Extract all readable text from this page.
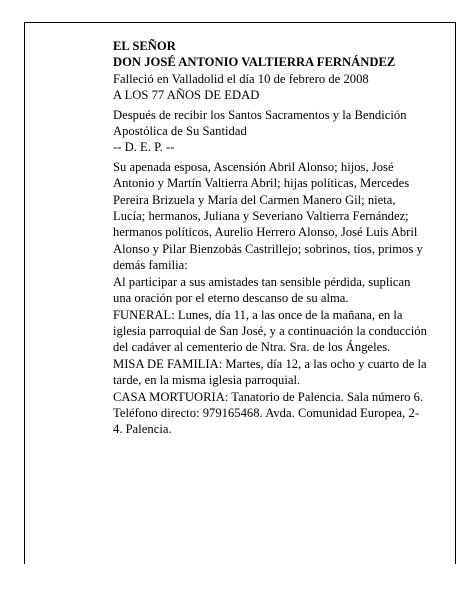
EL SEÑOR

DON JOSÉ ANTONIO VALTIERRA FERNÁNDEZ

Falleció en Valladolid el día 10 de febrero de 2008

A LOS 77 AÑOS DE EDAD

Después de recibir los Santos Sacramentos y la Bendición Apostólica de Su Santidad

-- D. E. P. --

Su apenada esposa, Ascensión Abril Alonso; hijos, José Antonio y Martín Valtierra Abril; hijas políticas, Mercedes Pereira Brizuela y María del Carmen Manero Gil; nieta, Lucía; hermanos, Juliana y Severiano Valtierra Fernández; hermanos políticos, Aurelio Herrero Alonso, José Luis Abril Alonso y Pilar Bienzobás Castrillejo; sobrinos, tíos, primos y demás familia:

Al participar a sus amistades tan sensible pérdida, suplican una oración por el eterno descanso de su alma.

FUNERAL: Lunes, día 11, a las once de la mañana, en la iglesia parroquial de San José, y a continuación la conducción del cadáver al cementerio de Ntra. Sra. de los Ángeles.

MISA DE FAMILIA: Martes, día 12, a las ocho y cuarto de la tarde, en la misma iglesia parroquial.

CASA MORTUORIA: Tanatorio de Palencia. Sala número 6. Teléfono directo: 979165468. Avda. Comunidad Europea, 2-4. Palencia.
